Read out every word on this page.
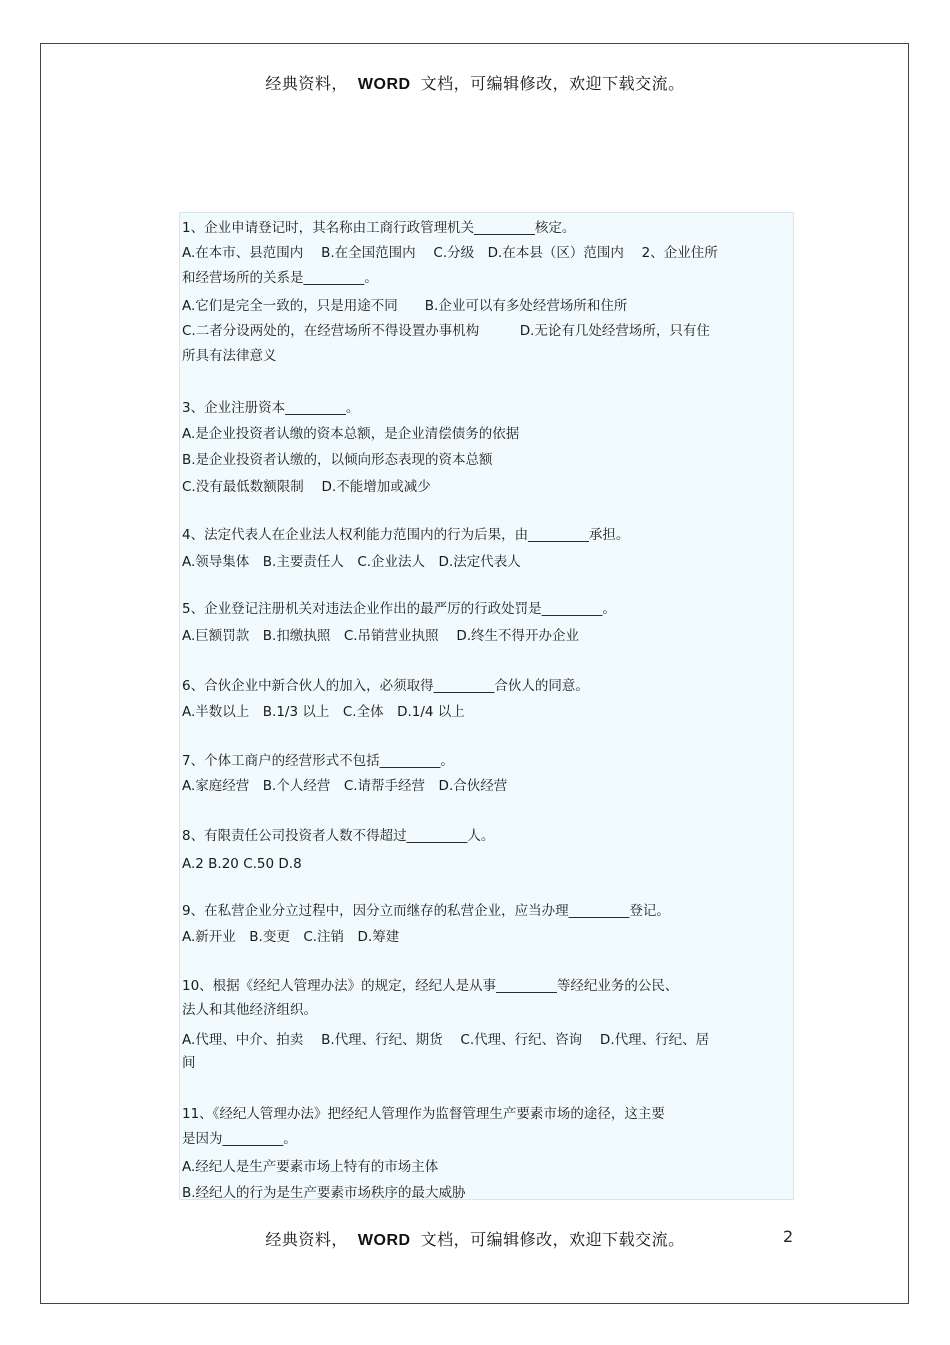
经典资料， WORD 文档，可编辑修改，欢迎下载交流。
1、企业申请登记时，其名称由工商行政管理机关_________核定。
A.在本市、县范围内　 B.在全国范围内　 C.分级　D.在本县（区）范围内　 2、企业住所
和经营场所的关系是_________。
A.它们是完全一致的，只是用途不同　　B.企业可以有多处经营场所和住所
C.二者分设两处的，在经营场所不得设置办事机构　　　D.无论有几处经营场所，只有住
所具有法律意义
3、企业注册资本_________。
A.是企业投资者认缴的资本总额，是企业清偿债务的依据
B.是企业投资者认缴的，以倾向形态表现的资本总额
C.没有最低数额限制　 D.不能增加或减少
4、法定代表人在企业法人权利能力范围内的行为后果，由_________承担。
A.领导集体　B.主要责任人　C.企业法人　D.法定代表人
5、企业登记注册机关对违法企业作出的最严厉的行政处罚是_________。
A.巨额罚款　B.扣缴执照　C.吊销营业执照　 D.终生不得开办企业
6、合伙企业中新合伙人的加入，必须取得_________合伙人的同意。
A.半数以上　B.1/3 以上　C.全体　D.1/4 以上
7、个体工商户的经营形式不包括_________。
A.家庭经营　B.个人经营　C.请帮手经营　D.合伙经营
8、有限责任公司投资者人数不得超过_________人。
A.2 B.20 C.50 D.8
9、在私营企业分立过程中，因分立而继存的私营企业，应当办理_________登记。
A.新开业　B.变更　C.注销　D.筹建
10、根据《经纪人管理办法》的规定，经纪人是从事_________等经纪业务的公民、
法人和其他经济组织。
A.代理、中介、拍卖　 B.代理、行纪、期货　 C.代理、行纪、咨询　 D.代理、行纪、居
间
11、《经纪人管理办法》把经纪人管理作为监督管理生产要素市场的途径，这主要
是因为_________。
A.经纪人是生产要素市场上特有的市场主体
B.经纪人的行为是生产要素市场秩序的最大威胁
经典资料， WORD 文档，可编辑修改，欢迎下载交流。	2
